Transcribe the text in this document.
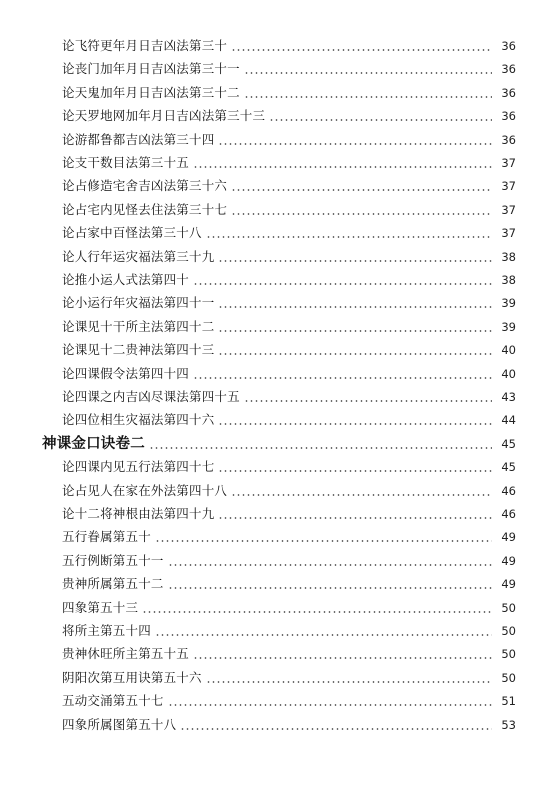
论飞符更年月日吉凶法第三十	36
论丧门加年月日吉凶法第三十一	36
论天鬼加年月日吉凶法第三十二	36
论天罗地网加年月日吉凶法第三十三	36
论游都鲁都吉凶法第三十四	36
论支干数目法第三十五	37
论占修造宅舍吉凶法第三十六	37
论占宅内见怪去住法第三十七	37
论占家中百怪法第三十八	37
论人行年运灾福法第三十九	38
论推小运人式法第四十	38
论小运行年灾福法第四十一	39
论课见十干所主法第四十二	39
论课见十二贵神法第四十三	40
论四课假令法第四十四	40
论四课之内吉凶尽课法第四十五	43
论四位相生灾福法第四十六	44
神课金口诀卷二	45
论四课内见五行法第四十七	45
论占见人在家在外法第四十八	46
论十二将神根由法第四十九	46
五行眷属第五十	49
五行例断第五十一	49
贵神所属第五十二	49
四象第五十三	50
将所主第五十四	50
贵神休旺所主第五十五	50
阴阳次第互用诀第五十六	50
五动交涌第五十七	51
四象所属图第五十八	53
